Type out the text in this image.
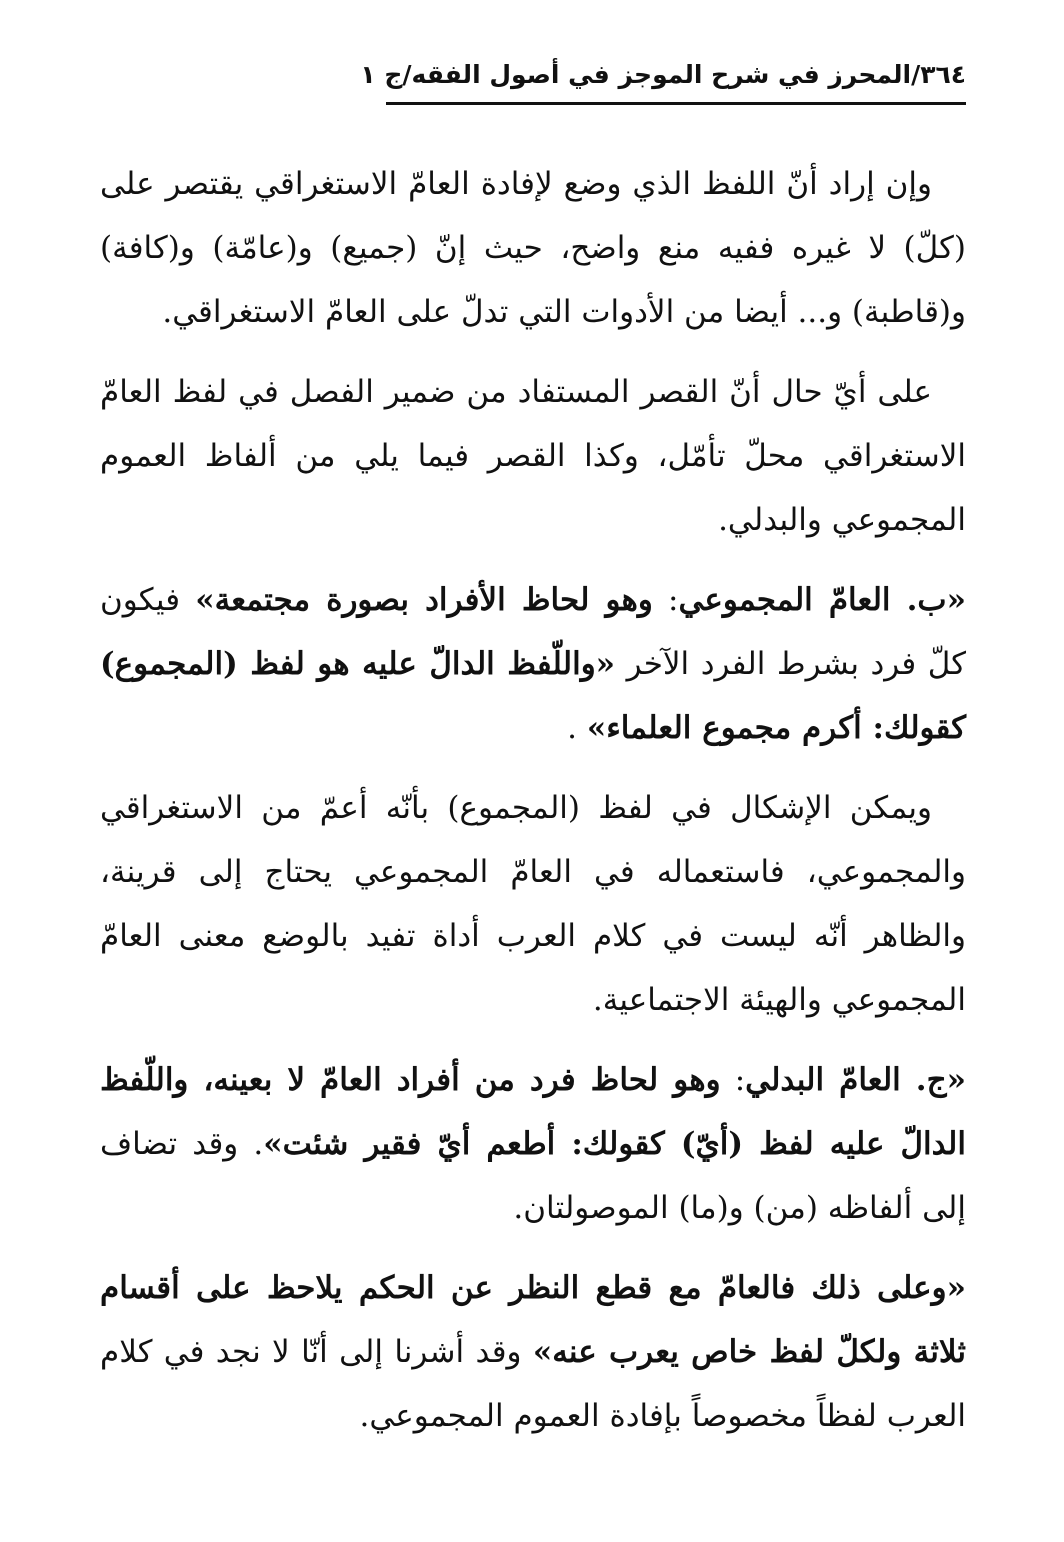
٣٦٤/المحرز في شرح الموجز في أصول الفقه/ج ١

وإن إراد أنّ اللفظ الذي وضع لإفادة العامّ الاستغراقي يقتصر على (كلّ) لا غيره ففيه منع واضح، حيث إنّ (جميع) و(عامّة) و(كافة) و(قاطبة) و... أيضا من الأدوات التي تدلّ على العامّ الاستغراقي.

على أيّ حال أنّ القصر المستفاد من ضمير الفصل في لفظ العامّ الاستغراقي محلّ تأمّل، وكذا القصر فيما يلي من ألفاظ العموم المجموعي والبدلي.

«ب. العامّ المجموعي: وهو لحاظ الأفراد بصورة مجتمعة» فيكون كلّ فرد بشرط الفرد الآخر «واللّفظ الدالّ عليه هو لفظ (المجموع) كقولك: أكرم مجموع العلماء» .

ويمكن الإشكال في لفظ (المجموع) بأنّه أعمّ من الاستغراقي والمجموعي، فاستعماله في العامّ المجموعي يحتاج إلى قرينة، والظاهر أنّه ليست في كلام العرب أداة تفيد بالوضع معنى العامّ المجموعي والهيئة الاجتماعية.

«ج. العامّ البدلي: وهو لحاظ فرد من أفراد العامّ لا بعينه، واللّفظ الدالّ عليه لفظ (أيّ) كقولك: أطعم أيّ فقير شئت». وقد تضاف إلى ألفاظه (من) و(ما) الموصولتان.

«وعلى ذلك فالعامّ مع قطع النظر عن الحكم يلاحظ على أقسام ثلاثة ولكلّ لفظ خاص يعرب عنه» وقد أشرنا إلى أنّا لا نجد في كلام العرب لفظاً مخصوصاً بإفادة العموم المجموعي.
